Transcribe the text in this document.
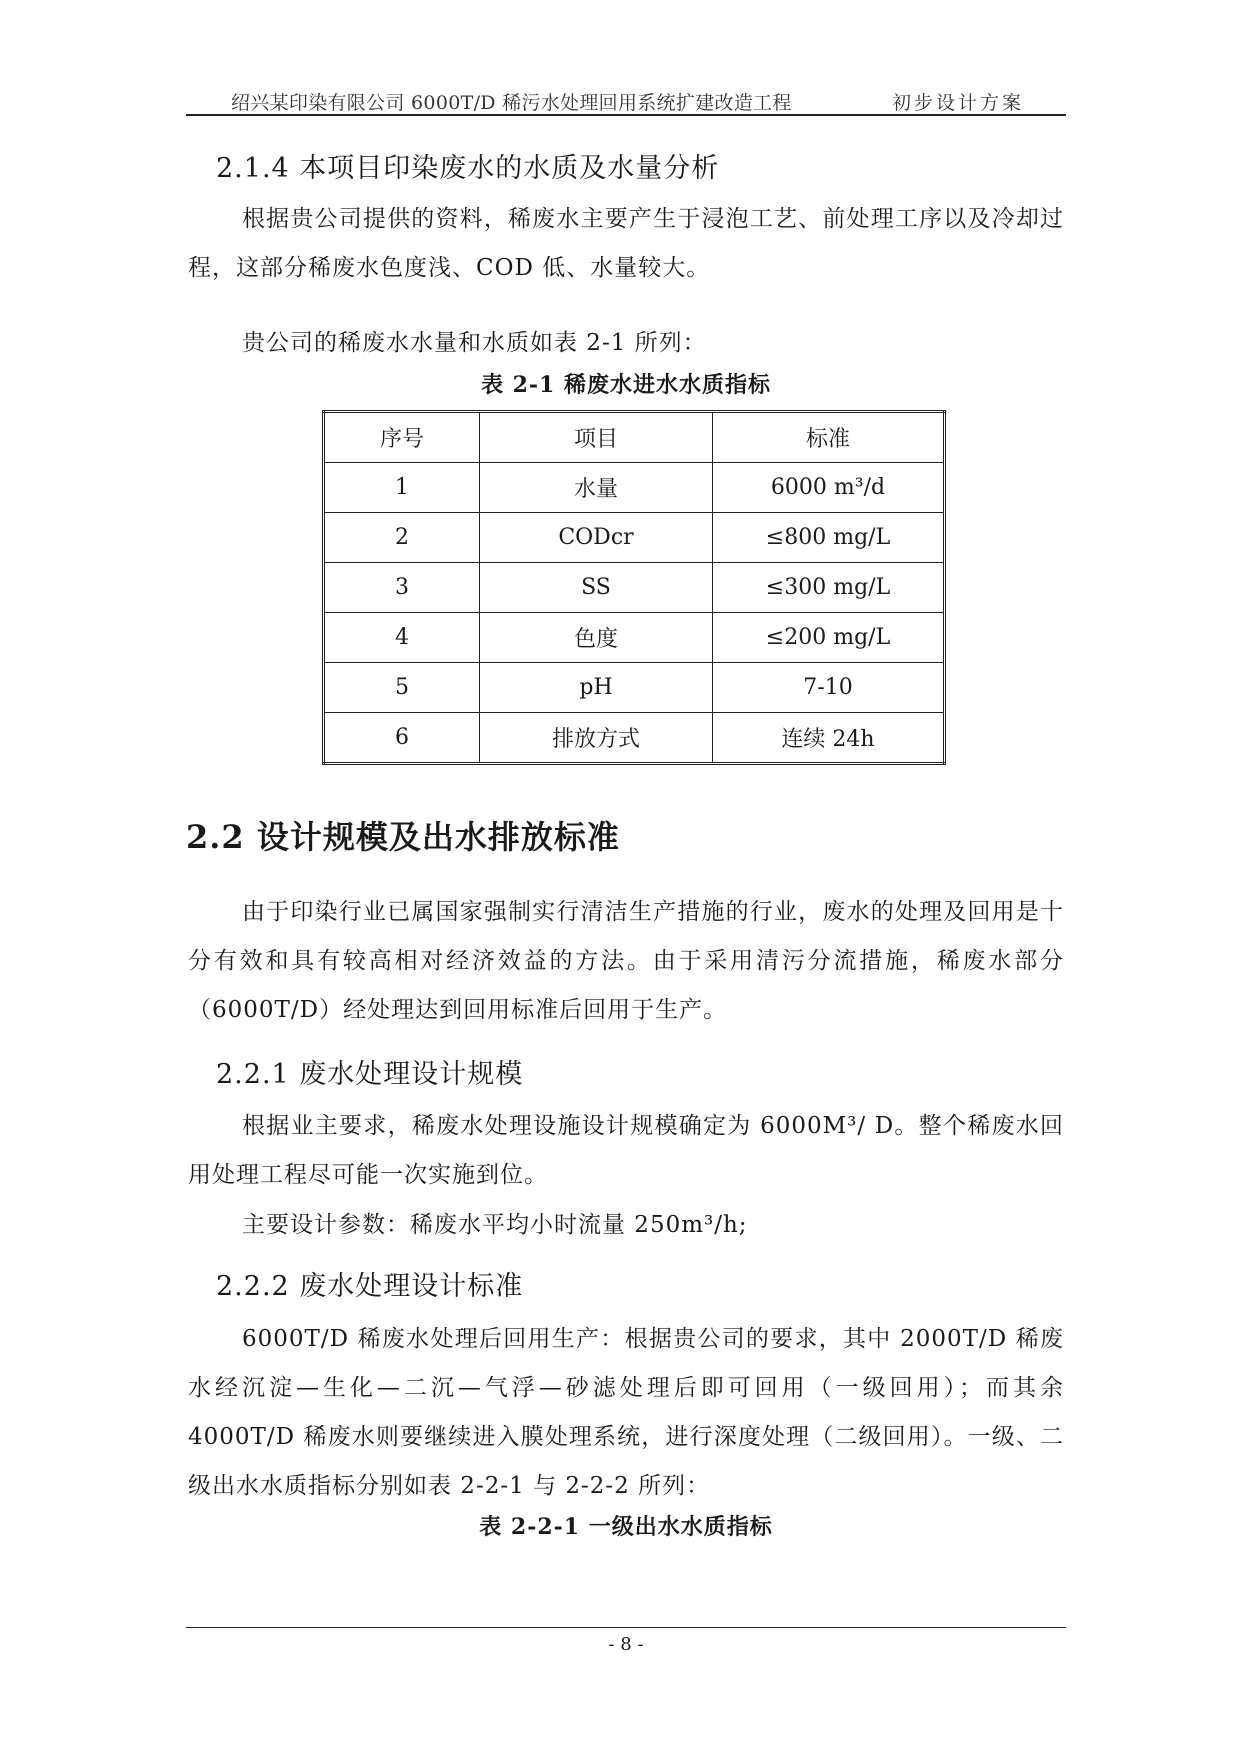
绍兴某印染有限公司 6000T/D 稀污水处理回用系统扩建改造工程	初步设计方案
2.1.4 本项目印染废水的水质及水量分析

根据贵公司提供的资料，稀废水主要产生于浸泡工艺、前处理工序以及冷却过程，这部分稀废水色度浅、COD 低、水量较大。

贵公司的稀废水水量和水质如表 2-1 所列：
表 2-1 稀废水进水水质指标
序号	项目	标准
1	水量	6000 m³/d
2	CODcr	≤800 mg/L
3	SS	≤300 mg/L
4	色度	≤200 mg/L
5	pH	7-10
6	排放方式	连续 24h
2.2 设计规模及出水排放标准

由于印染行业已属国家强制实行清洁生产措施的行业，废水的处理及回用是十分有效和具有较高相对经济效益的方法。由于采用清污分流措施，稀废水部分（6000T/D）经处理达到回用标准后回用于生产。

2.2.1 废水处理设计规模

根据业主要求，稀废水处理设施设计规模确定为 6000M³/ D。整个稀废水回用处理工程尽可能一次实施到位。

主要设计参数：稀废水平均小时流量 250m³/h;
2.2.2 废水处理设计标准

6000T/D 稀废水处理后回用生产：根据贵公司的要求，其中 2000T/D 稀废水经沉淀—生化—二沉—气浮—砂滤处理后即可回用（一级回用）；而其余 4000T/D 稀废水则要继续进入膜处理系统，进行深度处理（二级回用）。一级、二级出水水质指标分别如表 2-2-1 与 2-2-2 所列：

表 2-2-1 一级出水水质指标
- 8 -
